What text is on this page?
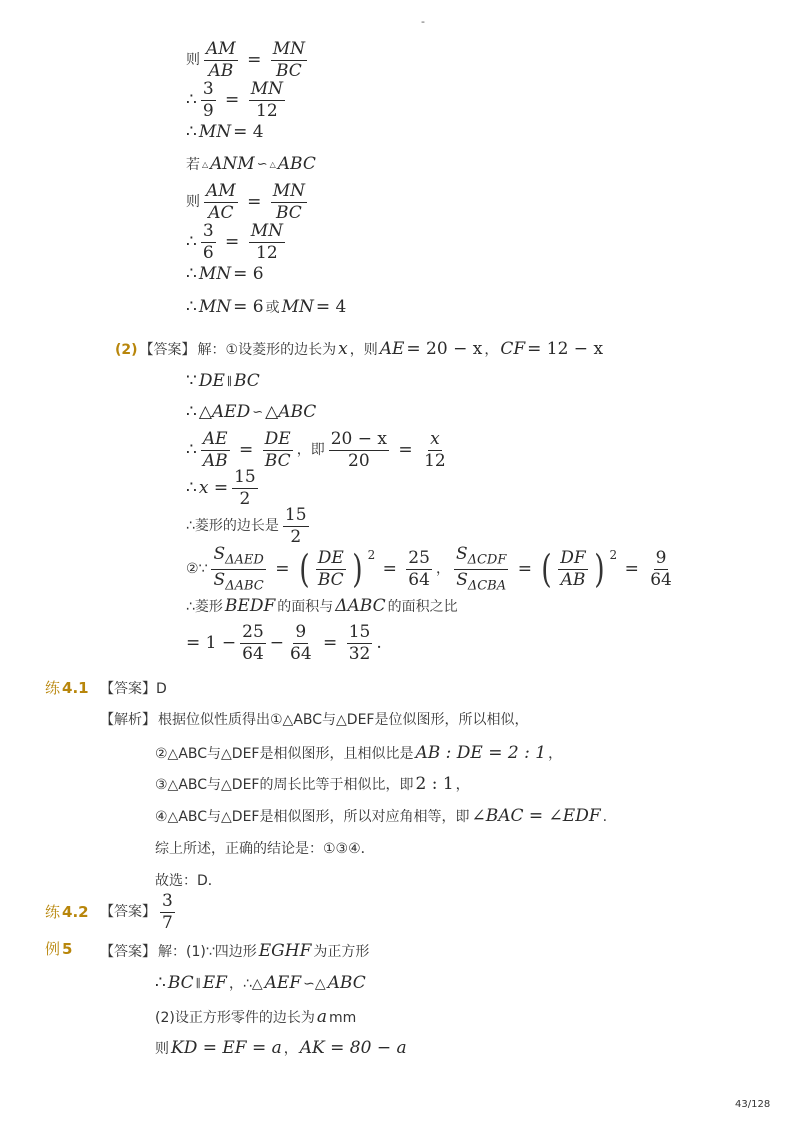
-
则 $\frac{AM}{AB} = \frac{MN}{BC}$
∴ $\frac{3}{9} = \frac{MN}{12}$
∴ MN = 4
若 △ ANM ∽ △ ABC
则 $\frac{AM}{AC} = \frac{MN}{BC}$
∴ $\frac{3}{6} = \frac{MN}{12}$
∴ MN = 6
∴ MN = 6 或 MN = 4
(2) 【答案】 解：①设菱形的边长为 x ，则 AE = 20 − x ， CF = 12 − x
∵ DE ∥ BC
∴ △AED ∽ △ABC
∴ $\frac{AE}{AB} = \frac{DE}{BC}$ ，即 $\frac{20 - x}{20} = \frac{x}{12}$
∴ $x = \frac{15}{2}$
∴菱形的边长是 $\frac{15}{2}$
②∵ $\frac{S_{\Delta AED}}{S_{\Delta ABC}}$ = ( $\frac{DE}{BC}$ ) 2
= $\frac{25}{64}$ ， $\frac{S_{\Delta CDF}}{S_{\Delta CBA}}$ = ( $\frac{DF}{AB}$ ) 2
= $\frac{9}{64}$
∴菱形 BEDF 的面积与 ΔABC 的面积之比
= $1 - \frac{25}{64} - \frac{9}{64} = \frac{15}{32}$ .
练 4.1 【答案】D
【解析】 根据位似性质得出①△ABC与△DEF是位似图形，所以相似，
②△ABC与△DEF是相似图形，且相似比是 AB : DE = 2 : 1 ，
③△ABC与△DEF的周长比等于相似比，即 2 : 1 ，
④△ABC与△DEF是相似图形，所以对应角相等，即 ∠BAC = ∠EDF .
综上所述，正确的结论是：①③④．
故选：D．
练 4.2 【答案】 $\frac{3}{7}$
例 5 【答案】 解：(1)∵四边形 EGHF 为正方形
∴ BC ∥ EF ，∴△ AEF ∽△ ABC
(2)设正方形零件的边长为 a mm
则 KD = EF = a ， AK = 80 − a
43/128
